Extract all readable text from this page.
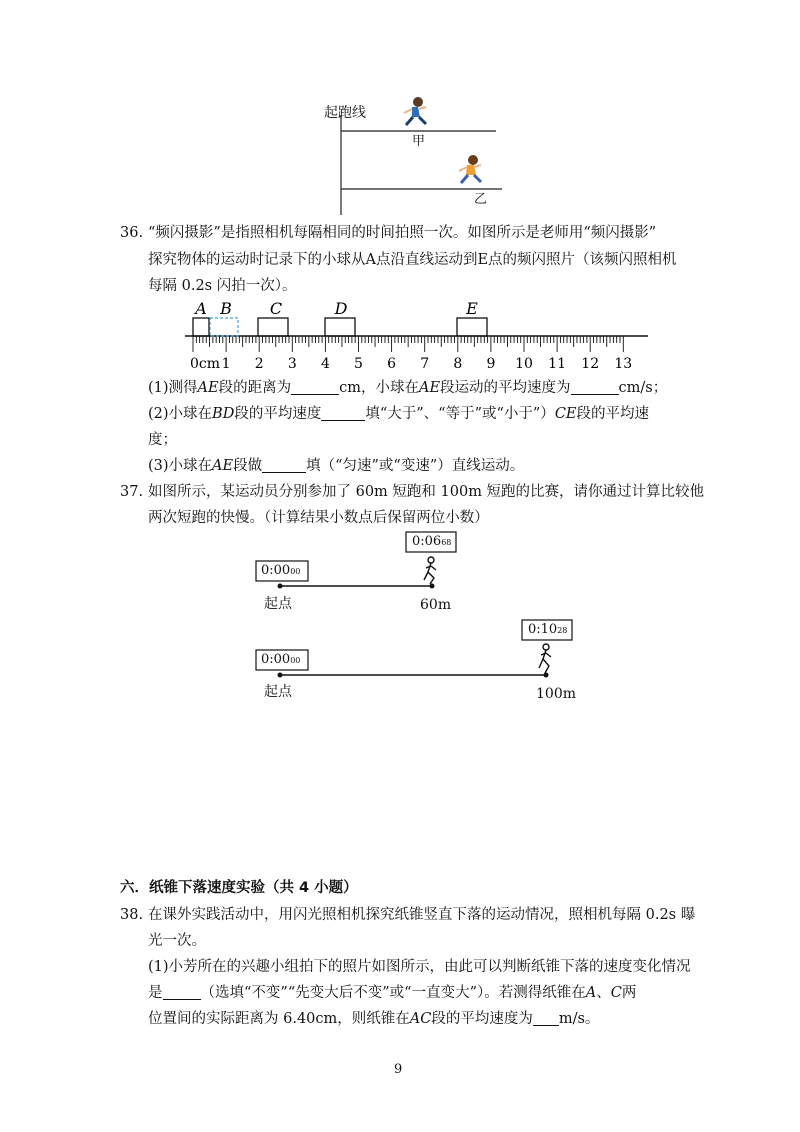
起跑线
甲
乙
36. “频闪摄影”是指照相机每隔相同的时间拍照一次。如图所示是老师用“频闪摄影”
探究物体的运动时记录下的小球从A点沿直线运动到E点的频闪照片（该频闪照相机
每隔 0.2s 闪拍一次）。
A B C	D	E
0cm 1 2 3 4 5 6 7 8 9 10 11 12 13
(1)测得AE段的距离为	cm，小球在AE段运动的平均速度为	cm/s；
(2)小球在BD段的平均速度	填“大于”、“等于”或“小于”）CE段的平均速
度；
(3)小球在AE段做	填（“匀速”或“变速”）直线运动。
37. 如图所示，某运动员分别参加了 60m 短跑和 100m 短跑的比赛，请你通过计算比较他
两次短跑的快慢。（计算结果小数点后保留两位小数）
0:0000
0:0668
0:0000
0:1028
起点	60m
起点	100m
六．纸锥下落速度实验（共 4 小题）
38. 在课外实践活动中，用闪光照相机探究纸锥竖直下落的运动情况，照相机每隔 0.2s 曝
光一次。
(1)小芳所在的兴趣小组拍下的照片如图所示，由此可以判断纸锥下落的速度变化情况
是	（选填“不变”“先变大后不变”或“一直变大”）。若测得纸锥在A、C两
位置间的实际距离为 6.40cm，则纸锥在AC段的平均速度为 m/s。
9
